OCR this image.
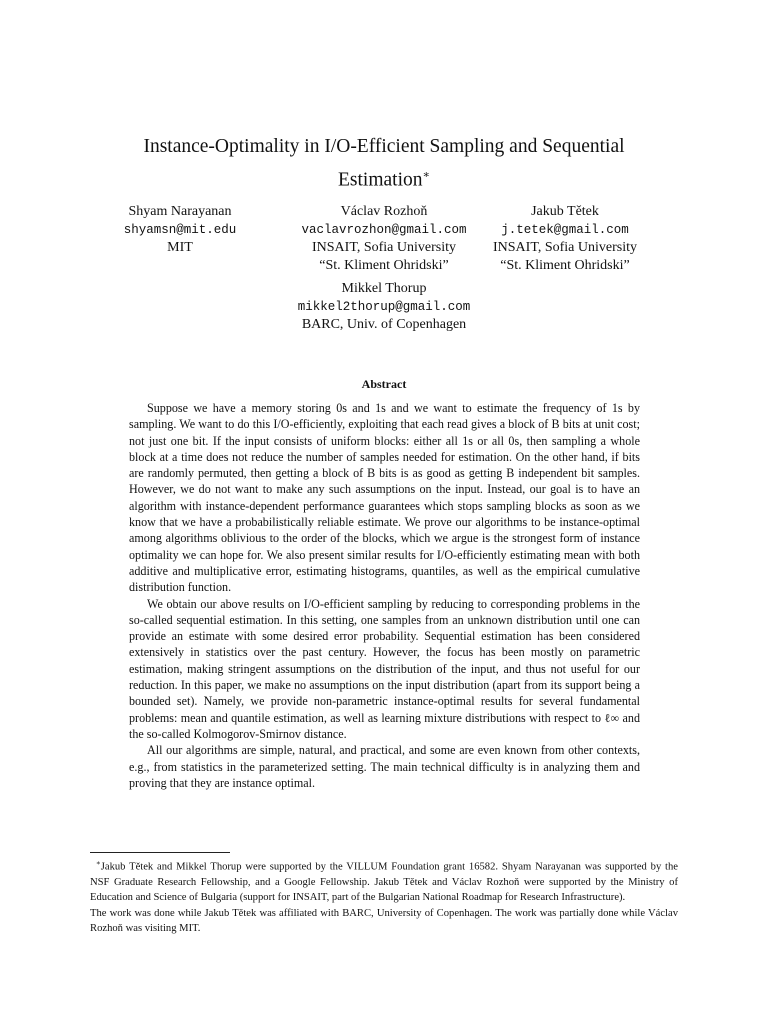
Instance-Optimality in I/O-Efficient Sampling and Sequential Estimation∗
Shyam Narayanan
shyamsn@mit.edu
MIT
Václav Rozhoň
vaclavrozhon@gmail.com
INSAIT, Sofia University
“St. Kliment Ohridski”
Jakub Tětek
j.tetek@gmail.com
INSAIT, Sofia University
“St. Kliment Ohridski”
Mikkel Thorup
mikkel2thorup@gmail.com
BARC, Univ. of Copenhagen
Abstract

Suppose we have a memory storing 0s and 1s and we want to estimate the frequency of 1s by sampling. We want to do this I/O-efficiently, exploiting that each read gives a block of B bits at unit cost; not just one bit. If the input consists of uniform blocks: either all 1s or all 0s, then sampling a whole block at a time does not reduce the number of samples needed for estimation. On the other hand, if bits are randomly permuted, then getting a block of B bits is as good as getting B independent bit samples. However, we do not want to make any such assumptions on the input. Instead, our goal is to have an algorithm with instance-dependent performance guarantees which stops sampling blocks as soon as we know that we have a probabilistically reliable estimate. We prove our algorithms to be instance-optimal among algorithms oblivious to the order of the blocks, which we argue is the strongest form of instance optimality we can hope for. We also present similar results for I/O-efficiently estimating mean with both additive and multiplicative error, estimating histograms, quantiles, as well as the empirical cumulative distribution function.

We obtain our above results on I/O-efficient sampling by reducing to corresponding problems in the so-called sequential estimation. In this setting, one samples from an unknown distribution until one can provide an estimate with some desired error probability. Sequential estimation has been considered extensively in statistics over the past century. However, the focus has been mostly on parametric estimation, making stringent assumptions on the distribution of the input, and thus not useful for our reduction. In this paper, we make no assumptions on the input distribution (apart from its support being a bounded set). Namely, we provide non-parametric instance-optimal results for several fundamental problems: mean and quantile estimation, as well as learning mixture distributions with respect to ℓ∞ and the so-called Kolmogorov-Smirnov distance.

All our algorithms are simple, natural, and practical, and some are even known from other contexts, e.g., from statistics in the parameterized setting. The main technical difficulty is in analyzing them and proving that they are instance optimal.

∗Jakub Tětek and Mikkel Thorup were supported by the VILLUM Foundation grant 16582. Shyam Narayanan was supported by the NSF Graduate Research Fellowship, and a Google Fellowship. Jakub Tětek and Václav Rozhoň were supported by the Ministry of Education and Science of Bulgaria (support for INSAIT, part of the Bulgarian National Roadmap for Research Infrastructure).

The work was done while Jakub Tětek was affiliated with BARC, University of Copenhagen. The work was partially done while Václav Rozhoň was visiting MIT.
